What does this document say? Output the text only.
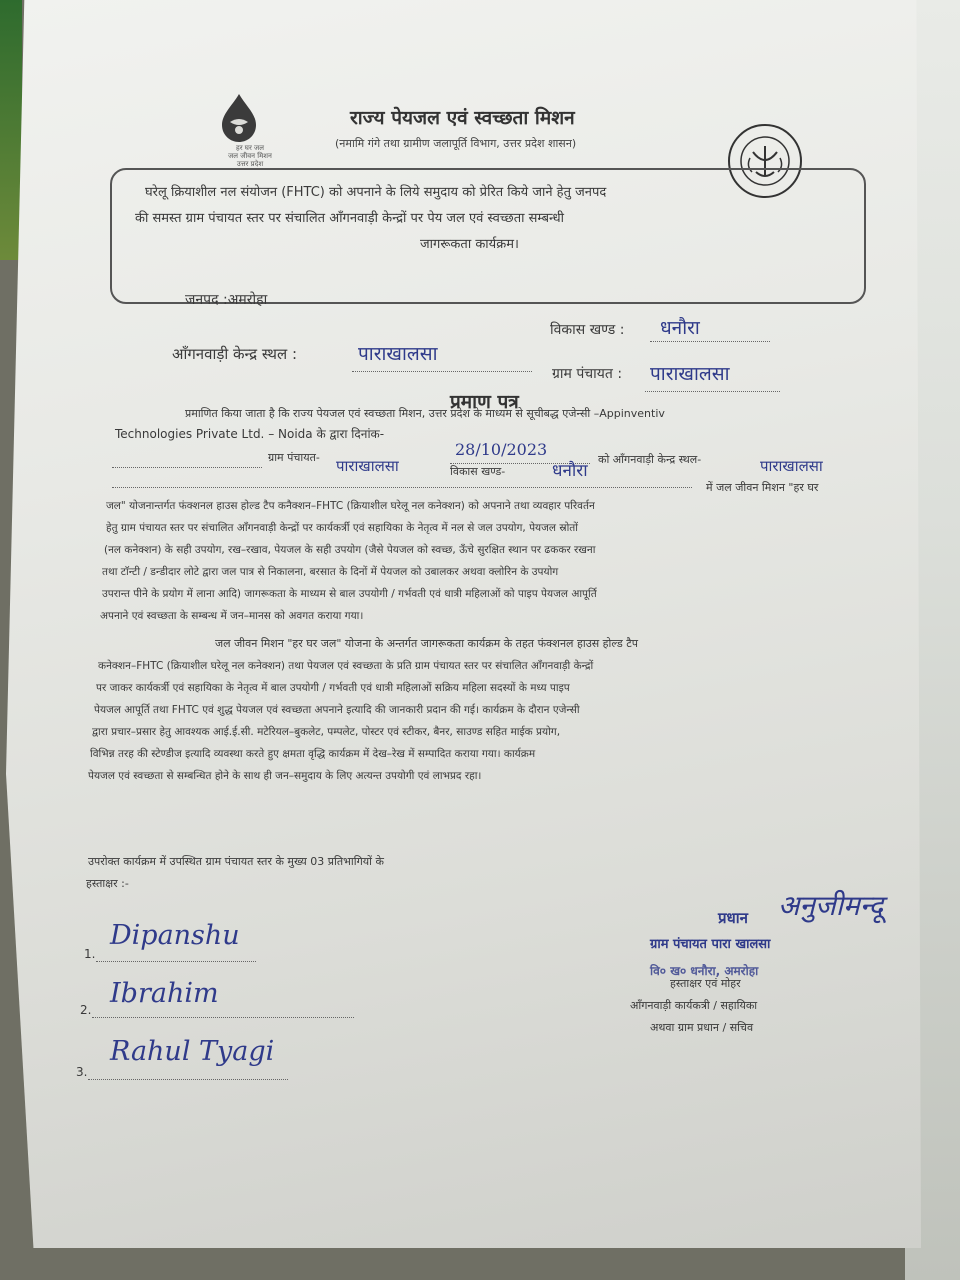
हर घर जल
जल जीवन मिशन
उत्तर प्रदेश
राज्य पेयजल एवं स्वच्छता मिशन
(नमामि गंगे तथा ग्रामीण जलापूर्ति विभाग, उत्तर प्रदेश शासन)
घरेलू क्रियाशील नल संयोजन (FHTC) को अपनाने के लिये समुदाय को प्रेरित किये जाने हेतु जनपद
की समस्त ग्राम पंचायत स्तर पर संचालित आँगनवाड़ी केन्द्रों पर पेय जल एवं स्वच्छता सम्बन्धी
जागरूकता कार्यक्रम।
जनपद :अमरोहा
विकास खण्ड : धनौरा
आँगनवाड़ी केन्द्र स्थल :	पाराखालसा
ग्राम पंचायत : पाराखालसा
प्रमाण पत्र
प्रमाणित किया जाता है कि राज्य पेयजल एवं स्वच्छता मिशन, उत्तर प्रदेश के माध्यम से सूचीबद्ध एजेन्सी –Appinventiv
Technologies Private Ltd. – Noida के द्वारा दिनांक-
28/10/2023
ग्राम पंचायत- पाराखालसा	विकास खण्ड-	धनौरा
को आँगनवाड़ी केन्द्र स्थल-	पाराखालसा
में जल जीवन मिशन "हर घर
जल" योजनान्तर्गत फंक्शनल हाउस होल्ड टैप कनैक्शन–FHTC (क्रियाशील घरेलू नल कनेक्शन) को अपनाने तथा व्यवहार परिवर्तन
हेतु ग्राम पंचायत स्तर पर संचालित आँगनवाड़ी केन्द्रों पर कार्यकर्त्री एवं सहायिका के नेतृत्व में नल से जल उपयोग, पेयजल स्रोतों
(नल कनेक्शन) के सही उपयोग, रख–रखाव, पेयजल के सही उपयोग (जैसे पेयजल को स्वच्छ, ऊँचे सुरक्षित स्थान पर ढककर रखना
तथा टाॅन्टी / डन्डीदार लोटे द्वारा जल पात्र से निकालना, बरसात के दिनों में पेयजल को उबालकर अथवा क्लोरिन के उपयोग
उपरान्त पीने के प्रयोग में लाना आदि) जागरूकता के माध्यम से बाल उपयोगी / गर्भवती एवं धात्री महिलाओं को पाइप पेयजल आपूर्ति
अपनाने एवं स्वच्छता के सम्बन्ध में जन–मानस को अवगत कराया गया।
जल जीवन मिशन "हर घर जल" योजना के अन्तर्गत जागरूकता कार्यक्रम के तहत फंक्शनल हाउस होल्ड टैप
कनेक्शन–FHTC (क्रियाशील घरेलू नल कनेक्शन) तथा पेयजल एवं स्वच्छता के प्रति ग्राम पंचायत स्तर पर संचालित आँगनवाड़ी केन्द्रों
पर जाकर कार्यकर्त्री एवं सहायिका के नेतृत्व में बाल उपयोगी / गर्भवती एवं धात्री महिलाओं सक्रिय महिला सदस्यों के मध्य पाइप
पेयजल आपूर्ति तथा FHTC एवं शुद्ध पेयजल एवं स्वच्छता अपनाने इत्यादि की जानकारी प्रदान की गई। कार्यक्रम के दौरान एजेन्सी
द्वारा प्रचार–प्रसार हेतु आवश्यक आई.ई.सी. मटेरियल–बुकलेट, पम्पलेट, पोस्टर एवं स्टीकर, बैनर, साउण्ड सहित माईक प्रयोग,
विभिन्न तरह की स्टेण्डीज इत्यादि व्यवस्था करते हुए क्षमता वृद्धि कार्यक्रम में देख–रेख में सम्पादित कराया गया। कार्यक्रम
पेयजल एवं स्वच्छता से सम्बन्धित होने के साथ ही जन–समुदाय के लिए अत्यन्त उपयोगी एवं लाभप्रद रहा।
उपरोक्त कार्यक्रम में उपस्थित ग्राम पंचायत स्तर के मुख्य 03 प्रतिभागियों के
हस्ताक्षर :-
1.
Dipanshu
2.
Ibrahim
3.
Rahul Tyagi
प्रधान अनुजीमन्दू
ग्राम पंचायत पारा खालसा
वि० ख० धनौरा, अमरोहा
हस्ताक्षर एवं मोहर
आँगनवाड़ी कार्यकत्री / सहायिका
अथवा ग्राम प्रधान / सचिव
